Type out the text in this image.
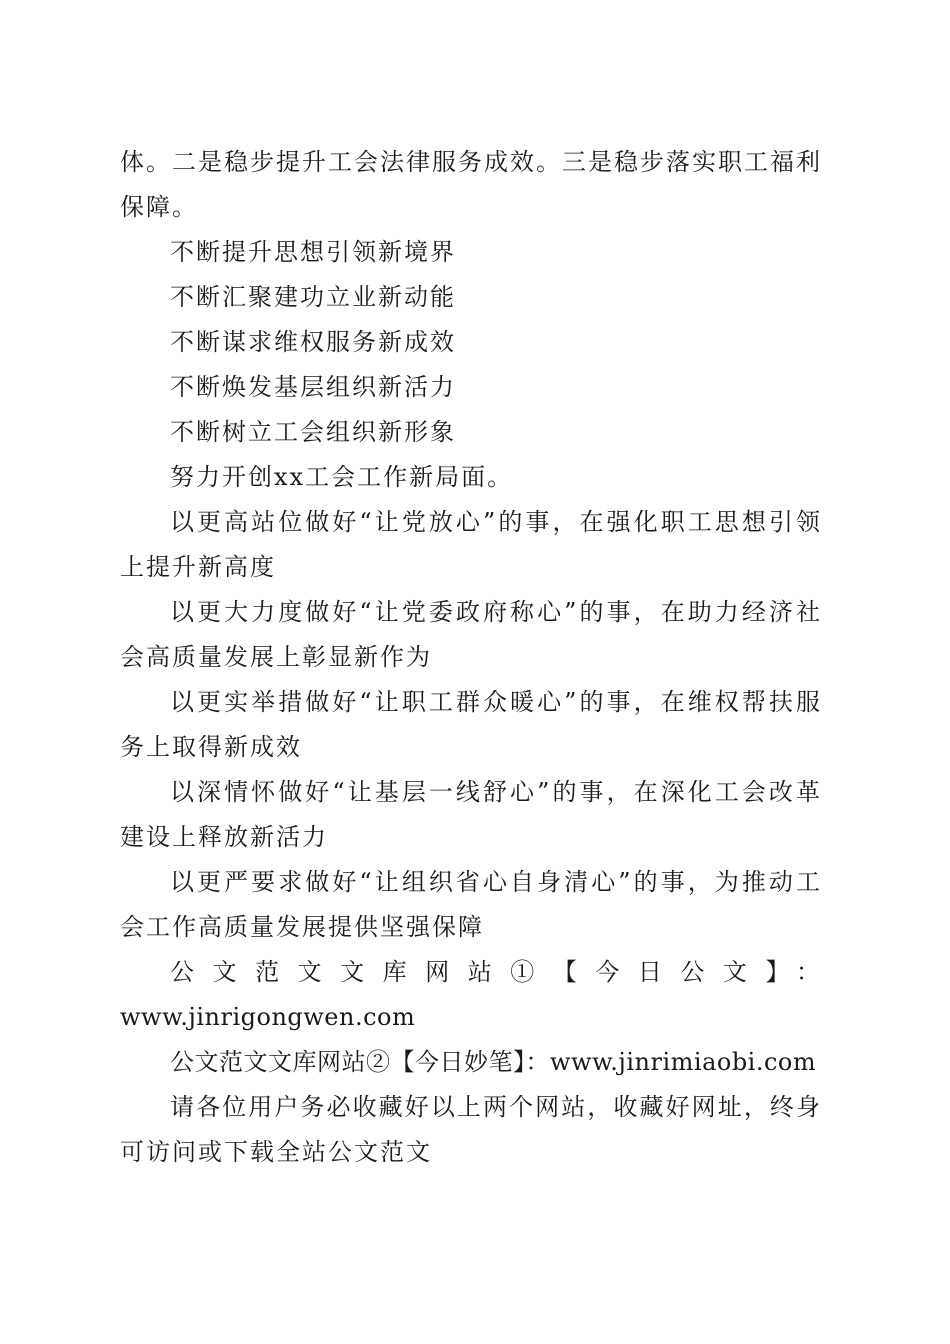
体。二是稳步提升工会法律服务成效。三是稳步落实职工福利保障。

不断提升思想引领新境界

不断汇聚建功立业新动能

不断谋求维权服务新成效

不断焕发基层组织新活力

不断树立工会组织新形象

努力开创xx工会工作新局面。

以更高站位做好“让党放心”的事，在强化职工思想引领上提升新高度

以更大力度做好“让党委政府称心”的事，在助力经济社会高质量发展上彰显新作为

以更实举措做好“让职工群众暖心”的事，在维权帮扶服务上取得新成效

以深情怀做好“让基层一线舒心”的事，在深化工会改革建设上释放新活力

以更严要求做好“让组织省心自身清心”的事，为推动工会工作高质量发展提供坚强保障

公文范文文库网站①【今日公文】：

www.jinrigongwen.com

公文范文文库网站②【今日妙笔】：www.jinrimiaobi.com

请各位用户务必收藏好以上两个网站，收藏好网址，终身可访问或下载全站公文范文
